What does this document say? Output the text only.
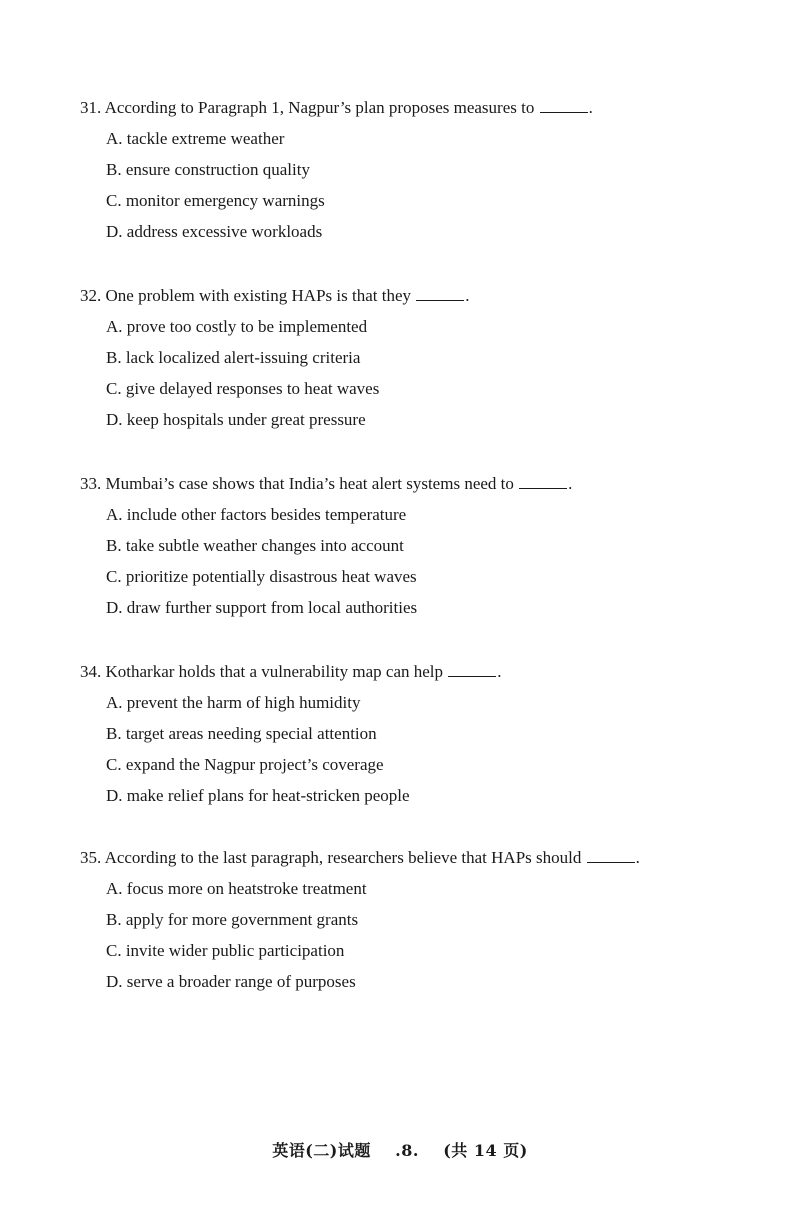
31. According to Paragraph 1, Nagpur’s plan proposes measures to	.
A. tackle extreme weather
B. ensure construction quality
C. monitor emergency warnings
D. address excessive workloads
32. One problem with existing HAPs is that they	.
A. prove too costly to be implemented
B. lack localized alert-issuing criteria
C. give delayed responses to heat waves
D. keep hospitals under great pressure
33. Mumbai’s case shows that India’s heat alert systems need to	.
A. include other factors besides temperature
B. take subtle weather changes into account
C. prioritize potentially disastrous heat waves
D. draw further support from local authorities
34. Kotharkar holds that a vulnerability map can help	.
A. prevent the harm of high humidity
B. target areas needing special attention
C. expand the Nagpur project’s coverage
D. make relief plans for heat-stricken people
35. According to the last paragraph, researchers believe that HAPs should	.
A. focus more on heatstroke treatment
B. apply for more government grants
C. invite wider public participation
D. serve a broader range of purposes
英语(二)试题 .8. (共 14 页)
